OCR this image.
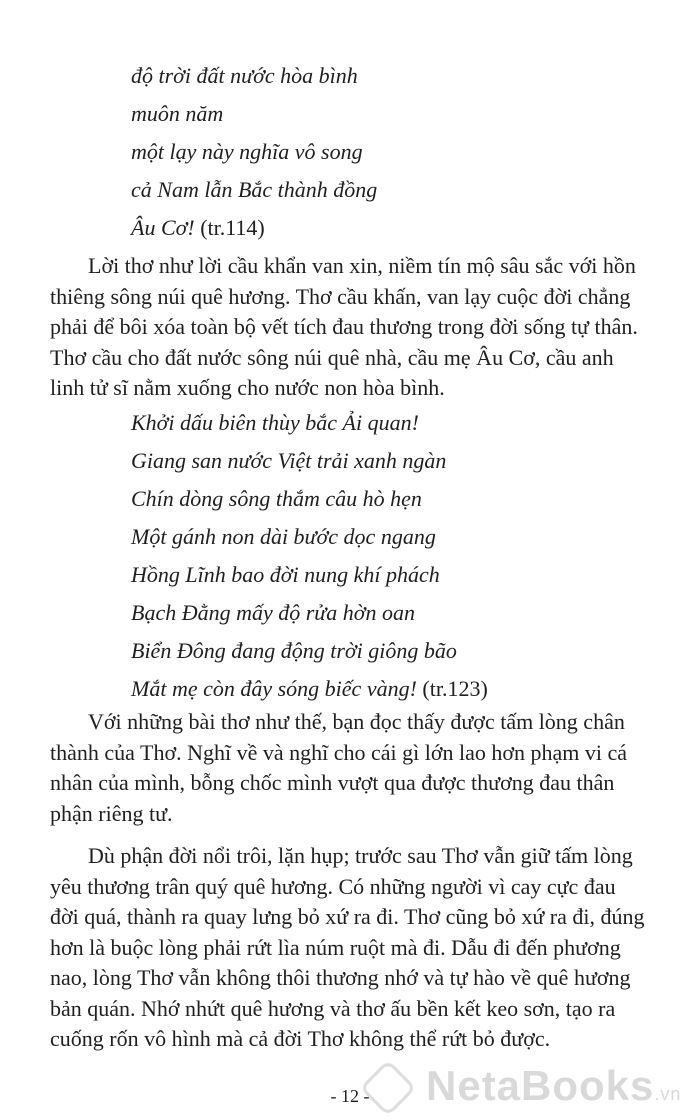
độ trời đất nước hòa bình
muôn năm
một lạy này nghĩa vô song
cả Nam lẫn Bắc thành đồng
Âu Cơ! (tr.114)

Lời thơ như lời cầu khẩn van xin, niềm tín mộ sâu sắc với hồn
thiêng sông núi quê hương. Thơ cầu khấn, van lạy cuộc đời chẳng
phải để bôi xóa toàn bộ vết tích đau thương trong đời sống tự thân.
Thơ cầu cho đất nước sông núi quê nhà, cầu mẹ Âu Cơ, cầu anh
linh tử sĩ nằm xuống cho nước non hòa bình.

Khởi dấu biên thùy bắc Ải quan!
Giang san nước Việt trải xanh ngàn
Chín dòng sông thắm câu hò hẹn
Một gánh non dài bước dọc ngang
Hồng Lĩnh bao đời nung khí phách
Bạch Đằng mấy độ rửa hờn oan
Biển Đông đang động trời giông bão
Mắt mẹ còn đây sóng biếc vàng! (tr.123)

Với những bài thơ như thế, bạn đọc thấy được tấm lòng chân
thành của Thơ. Nghĩ về và nghĩ cho cái gì lớn lao hơn phạm vi cá
nhân của mình, bỗng chốc mình vượt qua được thương đau thân
phận riêng tư.

Dù phận đời nổi trôi, lặn hụp; trước sau Thơ vẫn giữ tấm lòng
yêu thương trân quý quê hương. Có những người vì cay cực đau
đời quá, thành ra quay lưng bỏ xứ ra đi. Thơ cũng bỏ xứ ra đi, đúng
hơn là buộc lòng phải rứt lìa núm ruột mà đi. Dẫu đi đến phương
nao, lòng Thơ vẫn không thôi thương nhớ và tự hào về quê hương
bản quán. Nhớ nhứt quê hương và thơ ấu bền kết keo sơn, tạo ra
cuống rốn vô hình mà cả đời Thơ không thể rứt bỏ được.

- 12 -	NetaBooks.vn
